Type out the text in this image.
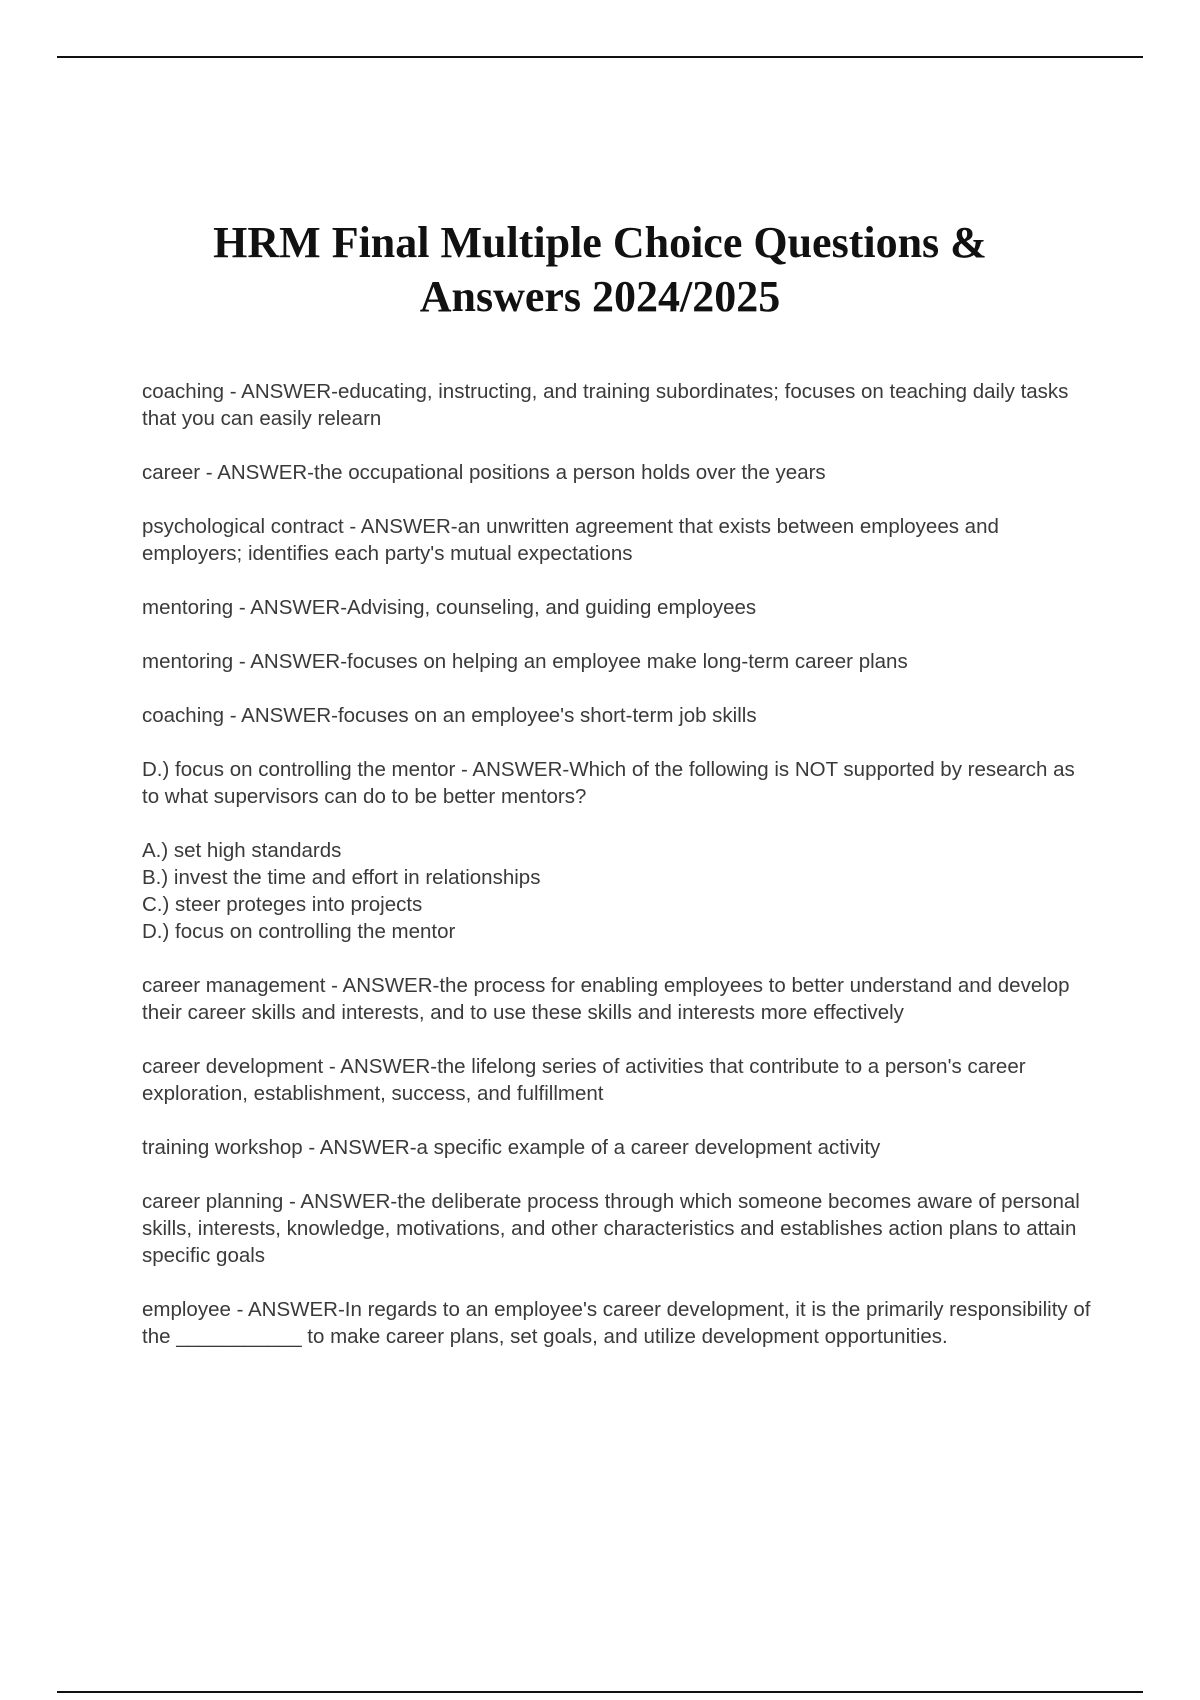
HRM Final Multiple Choice Questions &
Answers 2024/2025

coaching - ANSWER-educating, instructing, and training subordinates; focuses on teaching daily tasks that you can easily relearn

career - ANSWER-the occupational positions a person holds over the years

psychological contract - ANSWER-an unwritten agreement that exists between employees and employers; identifies each party's mutual expectations

mentoring - ANSWER-Advising, counseling, and guiding employees

mentoring - ANSWER-focuses on helping an employee make long-term career plans

coaching - ANSWER-focuses on an employee's short-term job skills

D.) focus on controlling the mentor - ANSWER-Which of the following is NOT supported by research as to what supervisors can do to be better mentors?

A.) set high standards
B.) invest the time and effort in relationships
C.) steer proteges into projects
D.) focus on controlling the mentor

career management - ANSWER-the process for enabling employees to better understand and develop their career skills and interests, and to use these skills and interests more effectively

career development - ANSWER-the lifelong series of activities that contribute to a person's career exploration, establishment, success, and fulfillment

training workshop - ANSWER-a specific example of a career development activity

career planning - ANSWER-the deliberate process through which someone becomes aware of personal skills, interests, knowledge, motivations, and other characteristics and establishes action plans to attain specific goals

employee - ANSWER-In regards to an employee's career development, it is the primarily responsibility of the ___________ to make career plans, set goals, and utilize development opportunities.
